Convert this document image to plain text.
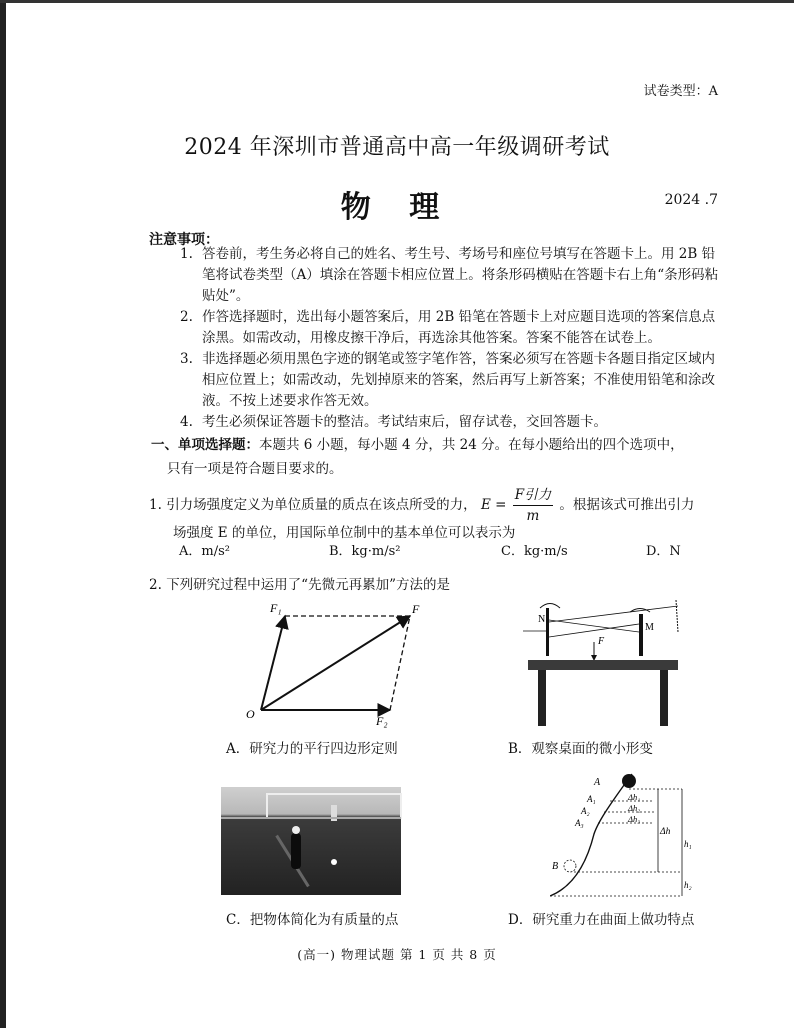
试卷类型：A
2024 年深圳市普通高中高一年级调研考试
物 理	2024 .7
注意事项：
1. 答卷前，考生务必将自己的姓名、考生号、考场号和座位号填写在答题卡上。用 2B 铅笔将试卷类型（A）填涂在答题卡相应位置上。将条形码横贴在答题卡右上角“条形码粘贴处”。
2. 作答选择题时，选出每小题答案后，用 2B 铅笔在答题卡上对应题目选项的答案信息点涂黑。如需改动，用橡皮擦干净后，再选涂其他答案。答案不能答在试卷上。
3. 非选择题必须用黑色字迹的钢笔或签字笔作答，答案必须写在答题卡各题目指定区域内相应位置上；如需改动，先划掉原来的答案，然后再写上新答案；不准使用铅笔和涂改液。不按上述要求作答无效。
4. 考生必须保证答题卡的整洁。考试结束后，留存试卷，交回答题卡。
一、单项选择题：本题共 6 小题，每小题 4 分，共 24 分。在每小题给出的四个选项中，
只有一项是符合题目要求的。
1. 引力场强度定义为单位质量的质点在该点所受的力， $E = \frac{\text{F引力}}{m}$ 。根据该式可推出引力
场强度 E 的单位，用国际单位制中的基本单位可以表示为
A．m/s²	B．kg·m/s²	C．kg·m/s	D．N
2. 下列研究过程中运用了“先微元再累加”方法的是
F₁	F
O	F₂
A．研究力的平行四边形定则
N
M
F
B．观察桌面的微小形变
C．把物体简化为有质量的点
A
A₁
A₂
A₃
B
Δh₁
Δh₂
Δh₃
Δh
h₁
h₂
D．研究重力在曲面上做功特点
(高一) 物理试题 第 1 页 共 8 页
